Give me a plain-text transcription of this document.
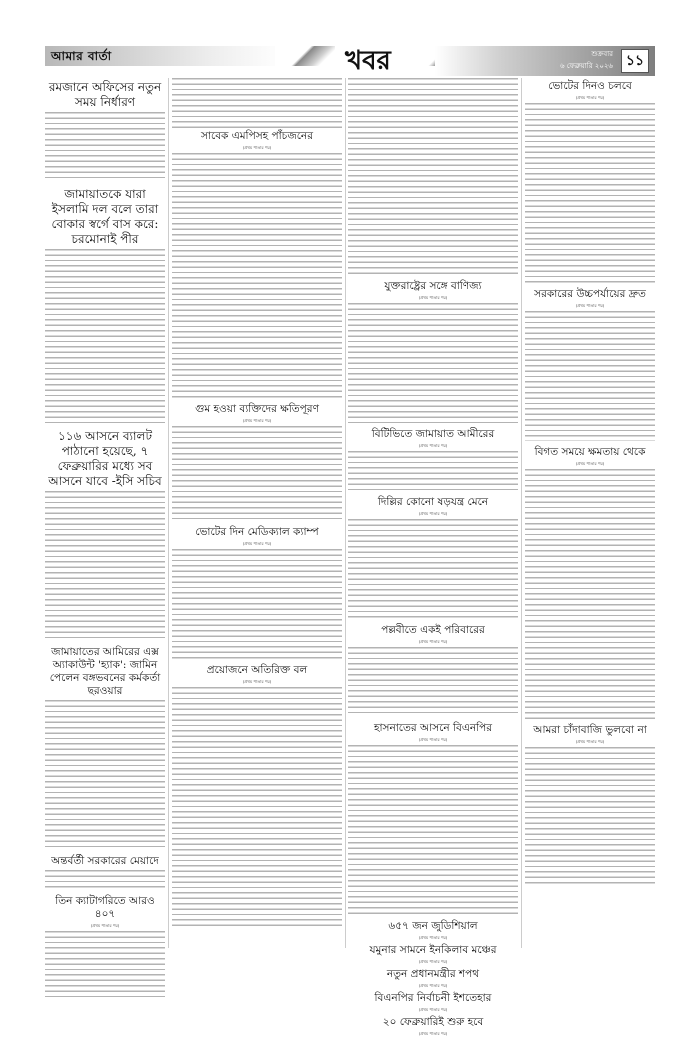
আমার বার্তা	খবর	শুক্রবার
৬ ফেব্রুয়ারি ২০২৬ ১১
রমজানে অফিসের নতুন সময় নির্ধারণ
জামায়াতকে যারা ইসলামি দল বলে তারা বোকার স্বর্গে বাস করে: চরমোনাই পীর
১১৬ আসনে ব্যালট পাঠানো হয়েছে, ৭ ফেব্রুয়ারির মধ্যে সব আসনে যাবে -ইসি সচিব
জামায়াতের আমিরের এক্স অ্যাকাউন্ট 'হ্যাক': জামিন পেলেন বঙ্গভবনের কর্মকর্তা ছরওয়ার
অন্তর্বর্তী সরকারের মেয়াদে
তিন ক্যাটাগরিতে আরও ৪০৭
(প্রথম পাতার পর)
সাবেক এমপিসহ পাঁচজনের
(প্রথম পাতার পর)
গুম হওয়া ব্যক্তিদের ক্ষতিপূরণ
(প্রথম পাতার পর)
ভোটের দিন মেডিক্যাল ক্যাম্প
(প্রথম পাতার পর)
প্রয়োজনে অতিরিক্ত বল
(প্রথম পাতার পর)
যুক্তরাষ্ট্রের সঙ্গে বাণিজ্য
(প্রথম পাতার পর)
বিটিভিতে জামায়াত আমীরের
(প্রথম পাতার পর)
দিল্লির কোনো ষড়যন্ত্র মেনে
(প্রথম পাতার পর)
পল্লবীতে একই পরিবারের
(প্রথম পাতার পর)
হাসনাতের আসনে বিএনপির
(প্রথম পাতার পর)
৬৫৭ জন জুডিশিয়াল
(প্রথম পাতার পর)
যমুনার সামনে ইনকিলাব মঞ্চের
(প্রথম পাতার পর)
নতুন প্রধানমন্ত্রীর শপথ
(প্রথম পাতার পর)
বিএনপির নির্বাচনী ইশতেহার
(প্রথম পাতার পর)
২০ ফেব্রুয়ারিই শুরু হবে
(প্রথম পাতার পর)
ভোটের দিনও চলবে
(প্রথম পাতার পর)
সরকারের উচ্চপর্যায়ের দ্রুত
(প্রথম পাতার পর)
বিগত সময়ে ক্ষমতায় থেকে
(প্রথম পাতার পর)
আমরা চাঁদাবাজি ভুলবো না
(প্রথম পাতার পর)
